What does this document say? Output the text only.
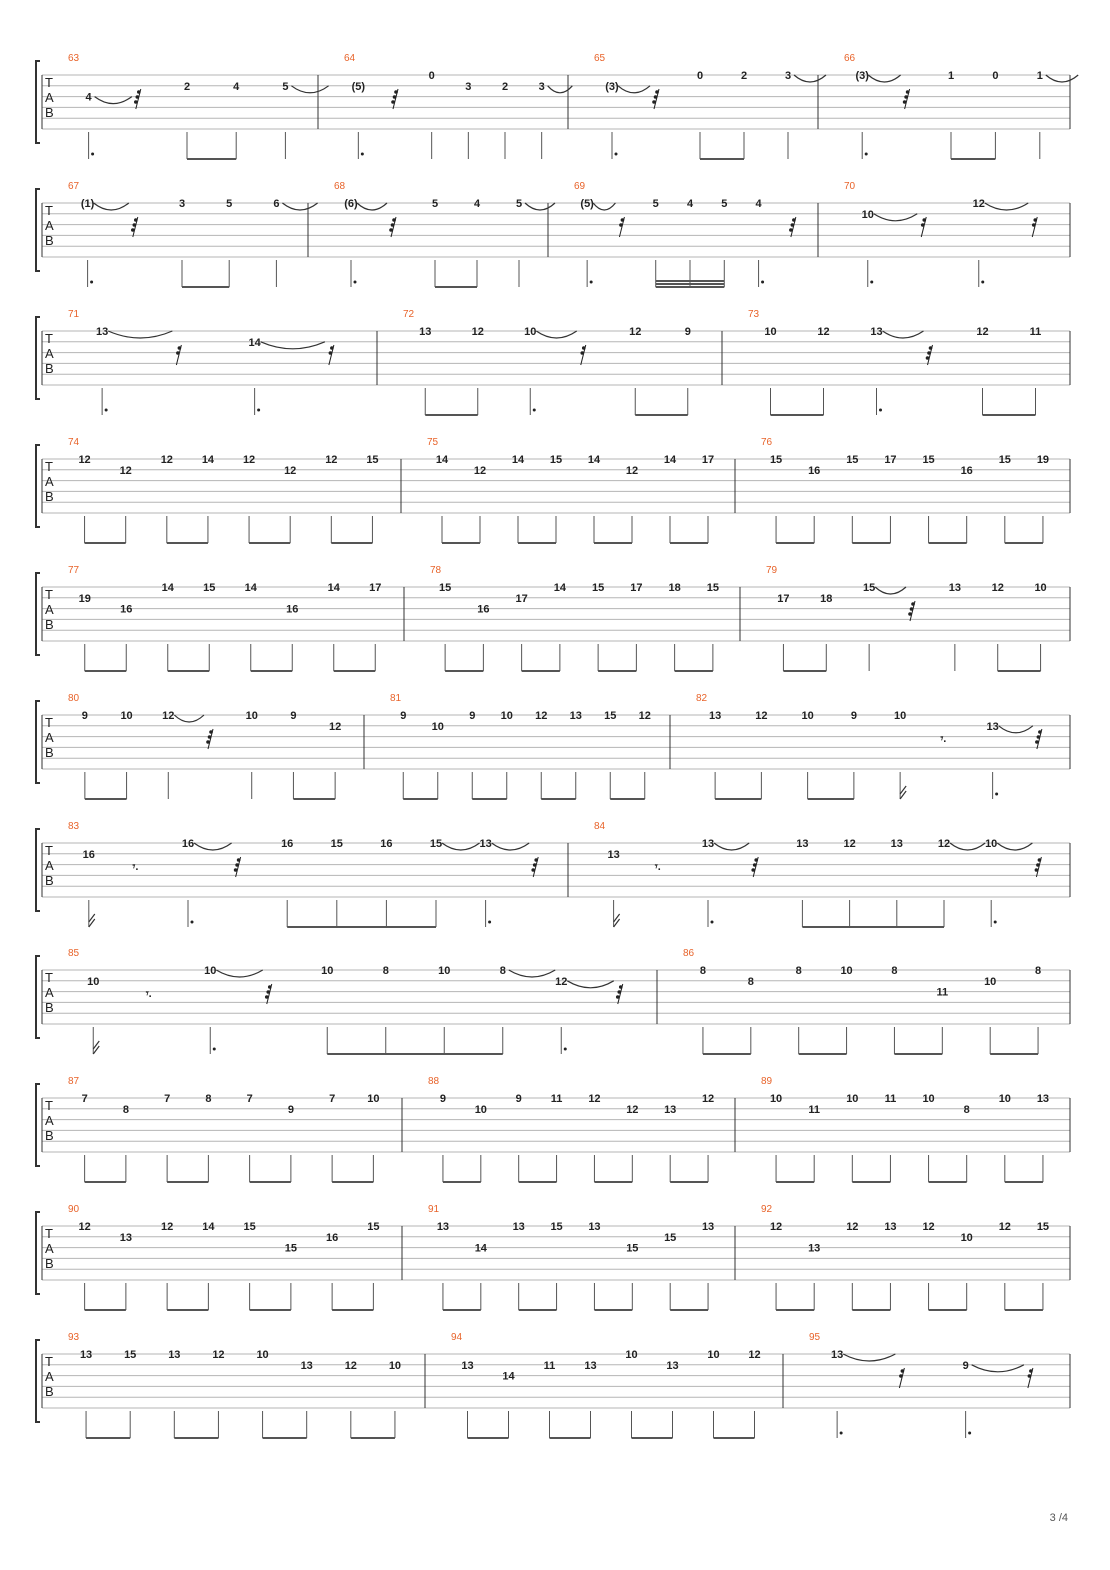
T
A
B
63
4
2	4	5
64
(5)
0
3	2	3
65
(3)
0	2	3
66
(3)	1	0	1
T
A
B
67
(1)	3	5	6
68
(6)	5	4	5
69
(5)	5	4	5	4
70
10
12
T
A
B
71
13
14
72
13	12	10	12	9
73
10	12	13	12	11
T
A
B
74
12
12
12	14	12
12
12	15
75
14
12
14 15 14
12
14 17
76
15
16
15 17 15
16
15 19
T
A
B
77
19
16
14	15	14
16
14	17
78
15
16
17
14 15 17 18 15
79
17	18
15	13	12	10
T
A
B
80
9	10	12	10	9
12
81
9
10
9 10 12 13 15 12
82
13	12	10	9	10
𝄾.
13
T
A
B
83
16
𝄾.
16	16	15	16	15	13
84
13
𝄾.
13	13	12	13	12	10
T
A
B
85
10
𝄾.
10	10	8	10	8
12
86
8
8
8	10	8
11
10
8
T
A
B
87
7
8
7	8	7
9
7	10
88
9
10
9	11 12
12 13
12
89
10
11
10 11 10
8
10 13
T
A
B
90
12
13
12	14	15
15
16
15
91
13
14
13 15 13
15
15
13
92
12
13
12 13 12
10
12 15
T
A
B
93
13	15	13	12	10
13	12	10
94
13
14
11	13
10
13
10	12
95
13
9
3 /4
